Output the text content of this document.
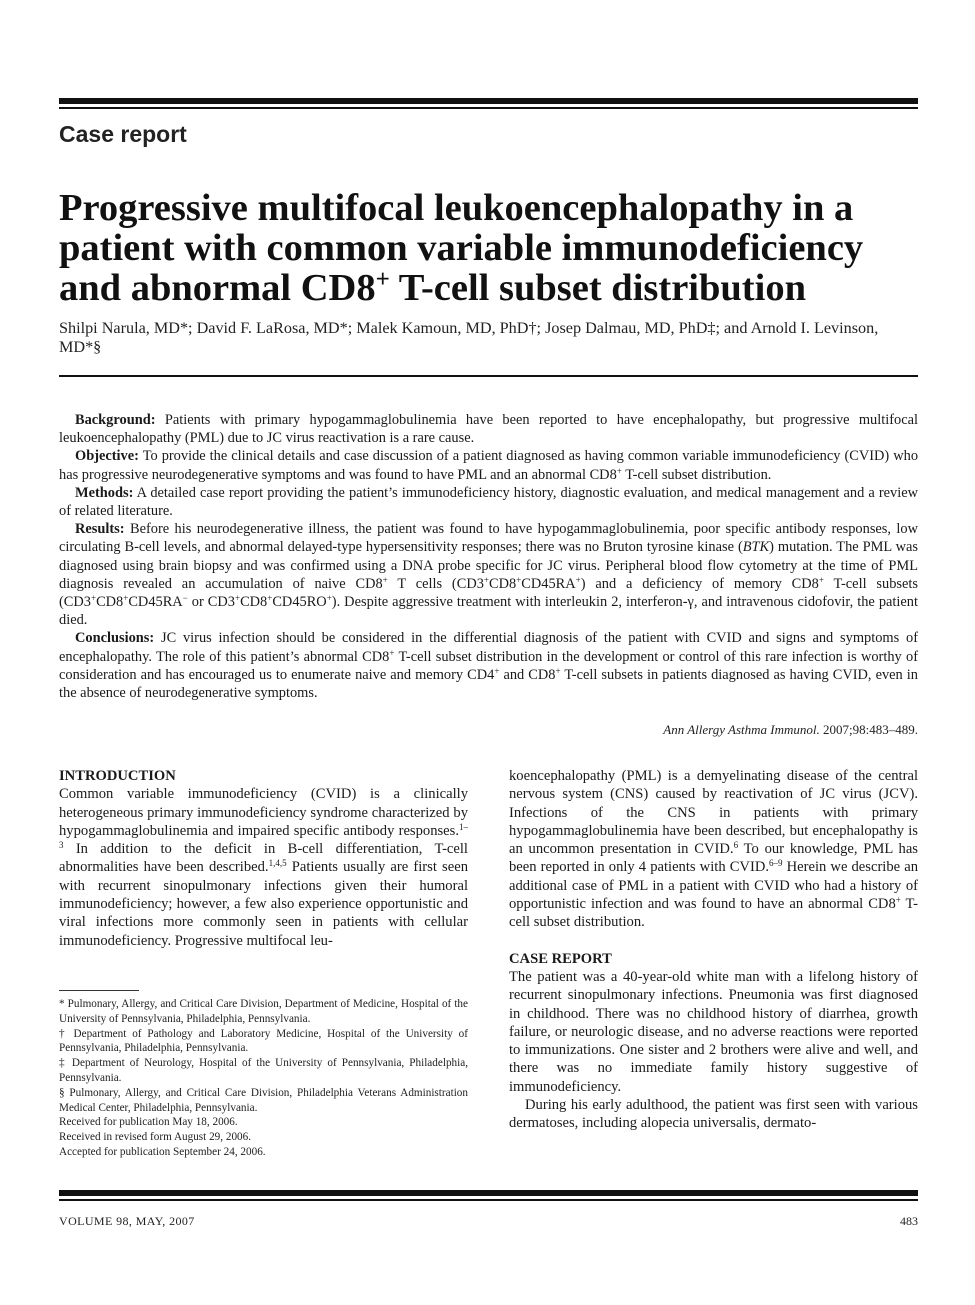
Case report
Progressive multifocal leukoencephalopathy in a patient with common variable immunodeficiency and abnormal CD8+ T-cell subset distribution

Shilpi Narula, MD*; David F. LaRosa, MD*; Malek Kamoun, MD, PhD†; Josep Dalmau, MD, PhD‡; and Arnold I. Levinson, MD*§

Background: Patients with primary hypogammaglobulinemia have been reported to have encephalopathy, but progressive multifocal leukoencephalopathy (PML) due to JC virus reactivation is a rare cause.

Objective: To provide the clinical details and case discussion of a patient diagnosed as having common variable immunodeficiency (CVID) who has progressive neurodegenerative symptoms and was found to have PML and an abnormal CD8+ T-cell subset distribution.

Methods: A detailed case report providing the patient’s immunodeficiency history, diagnostic evaluation, and medical management and a review of related literature.

Results: Before his neurodegenerative illness, the patient was found to have hypogammaglobulinemia, poor specific antibody responses, low circulating B-cell levels, and abnormal delayed-type hypersensitivity responses; there was no Bruton tyrosine kinase (BTK) mutation. The PML was diagnosed using brain biopsy and was confirmed using a DNA probe specific for JC virus. Peripheral blood flow cytometry at the time of PML diagnosis revealed an accumulation of naive CD8+ T cells (CD3+CD8+CD45RA+) and a deficiency of memory CD8+ T-cell subsets (CD3+CD8+CD45RA− or CD3+CD8+CD45RO+). Despite aggressive treatment with interleukin 2, interferon-γ, and intravenous cidofovir, the patient died.

Conclusions: JC virus infection should be considered in the differential diagnosis of the patient with CVID and signs and symptoms of encephalopathy. The role of this patient’s abnormal CD8+ T-cell subset distribution in the development or control of this rare infection is worthy of consideration and has encouraged us to enumerate naive and memory CD4+ and CD8+ T-cell subsets in patients diagnosed as having CVID, even in the absence of neurodegenerative symptoms.

Ann Allergy Asthma Immunol. 2007;98:483–489.

INTRODUCTION

Common variable immunodeficiency (CVID) is a clinically heterogeneous primary immunodeficiency syndrome characterized by hypogammaglobulinemia and impaired specific antibody responses.$^{1-3}$ In addition to the deficit in B-cell differentiation, T-cell abnormalities have been described.$^{1,4,5}$ Patients usually are first seen with recurrent sinopulmonary infections given their humoral immunodeficiency; however, a few also experience opportunistic and viral infections more commonly seen in patients with cellular immunodeficiency. Progressive multifocal leu-

* Pulmonary, Allergy, and Critical Care Division, Department of Medicine, Hospital of the University of Pennsylvania, Philadelphia, Pennsylvania.

† Department of Pathology and Laboratory Medicine, Hospital of the University of Pennsylvania, Philadelphia, Pennsylvania.

‡ Department of Neurology, Hospital of the University of Pennsylvania, Philadelphia, Pennsylvania.

§ Pulmonary, Allergy, and Critical Care Division, Philadelphia Veterans Administration Medical Center, Philadelphia, Pennsylvania.

Received for publication May 18, 2006.

Received in revised form August 29, 2006.

Accepted for publication September 24, 2006.

koencephalopathy (PML) is a demyelinating disease of the central nervous system (CNS) caused by reactivation of JC virus (JCV). Infections of the CNS in patients with primary hypogammaglobulinemia have been described, but encephalopathy is an uncommon presentation in CVID.$^6$ To our knowledge, PML has been reported in only 4 patients with CVID.$^{6-9}$ Herein we describe an additional case of PML in a patient with CVID who had a history of opportunistic infection and was found to have an abnormal CD8+ T-cell subset distribution.

CASE REPORT

The patient was a 40-year-old white man with a lifelong history of recurrent sinopulmonary infections. Pneumonia was first diagnosed in childhood. There was no childhood history of diarrhea, growth failure, or neurologic disease, and no adverse reactions were reported to immunizations. One sister and 2 brothers were alive and well, and there was no immediate family history suggestive of immunodeficiency.

During his early adulthood, the patient was first seen with various dermatoses, including alopecia universalis, dermato-

VOLUME 98, MAY, 2007	483
